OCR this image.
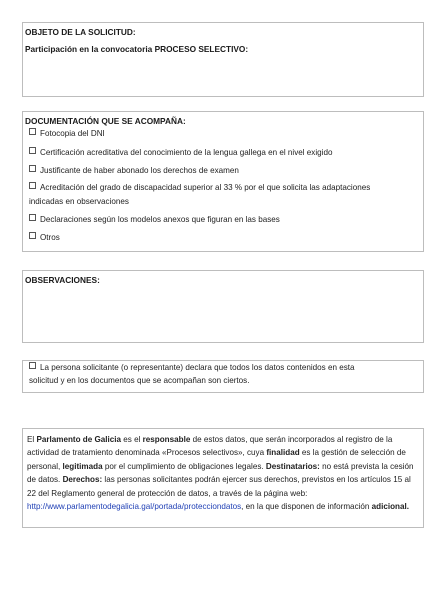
OBJETO DE LA SOLICITUD:

Participación en la convocatoria PROCESO SELECTIVO:

DOCUMENTACIÓN QUE SE ACOMPAÑA:

Fotocopia del DNI
Certificación acreditativa del conocimiento de la lengua gallega en el nivel exigido
Justificante de haber abonado los derechos de examen
Acreditación del grado de discapacidad superior al 33 % por el que solicita las adaptaciones
indicadas en observaciones
Declaraciones según los modelos anexos que figuran en las bases
Otros

OBSERVACIONES:

La persona solicitante (o representante) declara que todos los datos contenidos en esta
solicitud y en los documentos que se acompañan son ciertos.
El Parlamento de Galicia es el responsable de estos datos, que serán incorporados al registro de la actividad de tratamiento denominada «Procesos selectivos», cuya finalidad es la gestión de selección de personal, legitimada por el cumplimiento de obligaciones legales. Destinatarios: no está prevista la cesión de datos. Derechos: las personas solicitantes podrán ejercer sus derechos, previstos en los artículos 15 al 22 del Reglamento general de protección de datos, a través de la página web: http://www.parlamentodegalicia.gal/portada/protecciondatos, en la que disponen de información adicional.
